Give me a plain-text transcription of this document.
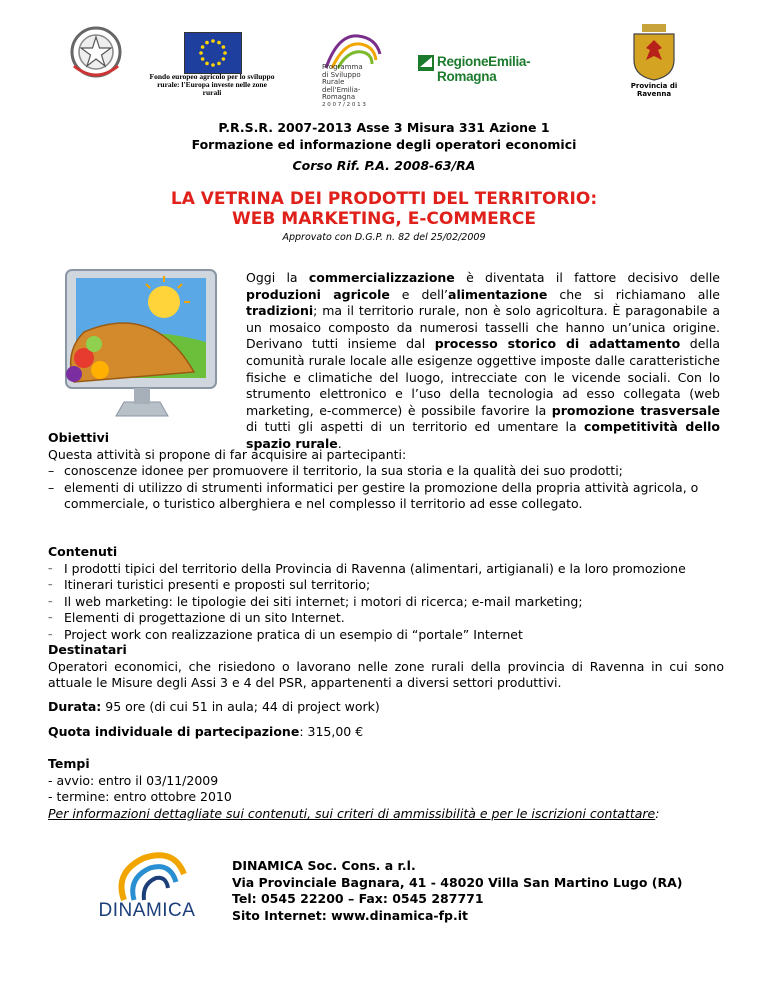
Fondo europeo agricolo per lo sviluppo rurale: l'Europa investe nelle zone rurali
Programma
di Sviluppo Rurale
dell'Emilia-Romagna
2 0 0 7 / 2 0 1 3
RegioneEmilia-Romagna
Provincia di Ravenna
P.R.S.R. 2007-2013 Asse 3 Misura 331 Azione 1
Formazione ed informazione degli operatori economici
Corso Rif. P.A. 2008-63/RA
LA VETRINA DEI PRODOTTI DEL TERRITORIO:
WEB MARKETING, E-COMMERCE
Approvato con D.G.P. n. 82 del 25/02/2009
Oggi la commercializzazione è diventata il fattore decisivo delle produzioni agricole e dell’alimentazione che si richiamano alle tradizioni; ma il territorio rurale, non è solo agricoltura. È paragonabile a un mosaico composto da numerosi tasselli che hanno un’unica origine. Derivano tutti insieme dal processo storico di adattamento della comunità rurale locale alle esigenze oggettive imposte dalle caratteristiche fisiche e climatiche del luogo, intrecciate con le vicende sociali. Con lo strumento elettronico e l’uso della tecnologia ad esso collegata (web marketing, e-commerce) è possibile favorire la promozione trasversale di tutti gli aspetti di un territorio ed umentare la competitività dello spazio rurale.
Obiettivi

Questa attività si propone di far acquisire ai partecipanti:

– conoscenze idonee per promuovere il territorio, la sua storia e la qualità dei suo prodotti;
– elementi di utilizzo di strumenti informatici per gestire la promozione della propria attività agricola, o commerciale, o turistico alberghiera e nel complesso il territorio ad esse collegato.
Contenuti
– I prodotti tipici del territorio della Provincia di Ravenna (alimentari, artigianali) e la loro promozione
– Itinerari turistici presenti e proposti sul territorio;
– Il web marketing: le tipologie dei siti internet; i motori di ricerca; e-mail marketing;
– Elementi di progettazione di un sito Internet.
– Project work con realizzazione pratica di un esempio di “portale” Internet
Destinatari

Operatori economici, che risiedono o lavorano nelle zone rurali della provincia di Ravenna in cui sono attuale le Misure degli Assi 3 e 4 del PSR, appartenenti a diversi settori produttivi.

Durata: 95 ore (di cui 51 in aula; 44 di project work)

Quota individuale di partecipazione: 315,00 €

Tempi

- avvio: entro il 03/11/2009

- termine: entro ottobre 2010

Per informazioni dettagliate sui contenuti, sui criteri di ammissibilità e per le iscrizioni contattare:
DINAMICA
DINAMICA Soc. Cons. a r.l.
Via Provinciale Bagnara, 41 - 48020 Villa San Martino Lugo (RA)
Tel: 0545 22200 – Fax: 0545 287771
Sito Internet: www.dinamica-fp.it
